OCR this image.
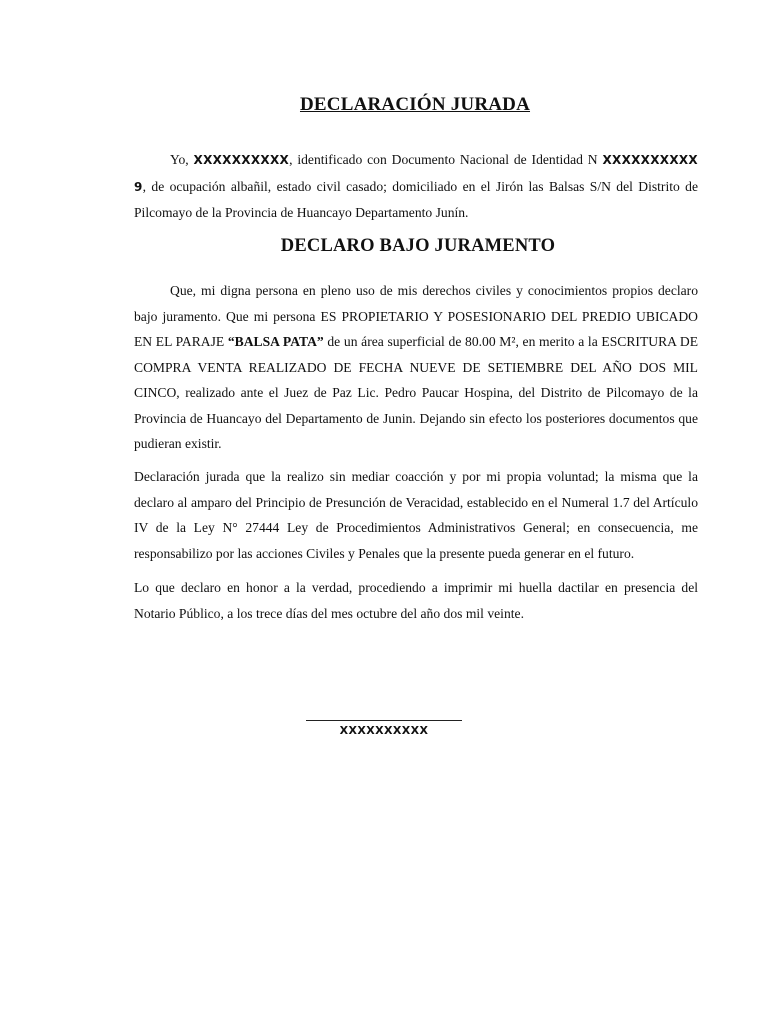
DECLARACIÓN JURADA
Yo, XXXXXXXXXX, identificado con Documento Nacional de Identidad N XXXXXXXXXX 9, de ocupación albañil, estado civil casado; domiciliado en el Jirón las Balsas S/N del Distrito de Pilcomayo de la Provincia de Huancayo Departamento Junín.
DECLARO BAJO JURAMENTO
Que, mi digna persona en pleno uso de mis derechos civiles y conocimientos propios declaro bajo juramento. Que mi persona ES PROPIETARIO Y POSESIONARIO DEL PREDIO UBICADO EN EL PARAJE “BALSA PATA” de un área superficial de 80.00 M², en merito a la ESCRITURA DE COMPRA VENTA REALIZADO DE FECHA NUEVE DE SETIEMBRE DEL AÑO DOS MIL CINCO, realizado ante el Juez de Paz Lic. Pedro Paucar Hospina, del Distrito de Pilcomayo de la Provincia de Huancayo del Departamento de Junin. Dejando sin efecto los posteriores documentos que pudieran existir.
Declaración jurada que la realizo sin mediar coacción y por mi propia voluntad; la misma que la declaro al amparo del Principio de Presunción de Veracidad, establecido en el Numeral 1.7 del Artículo IV de la Ley N° 27444 Ley de Procedimientos Administrativos General; en consecuencia, me responsabilizo por las acciones Civiles y Penales que la presente pueda generar en el futuro.
Lo que declaro en honor a la verdad, procediendo a imprimir mi huella dactilar en presencia del Notario Público, a los trece días del mes octubre del año dos mil veinte.
XXXXXXXXXX
